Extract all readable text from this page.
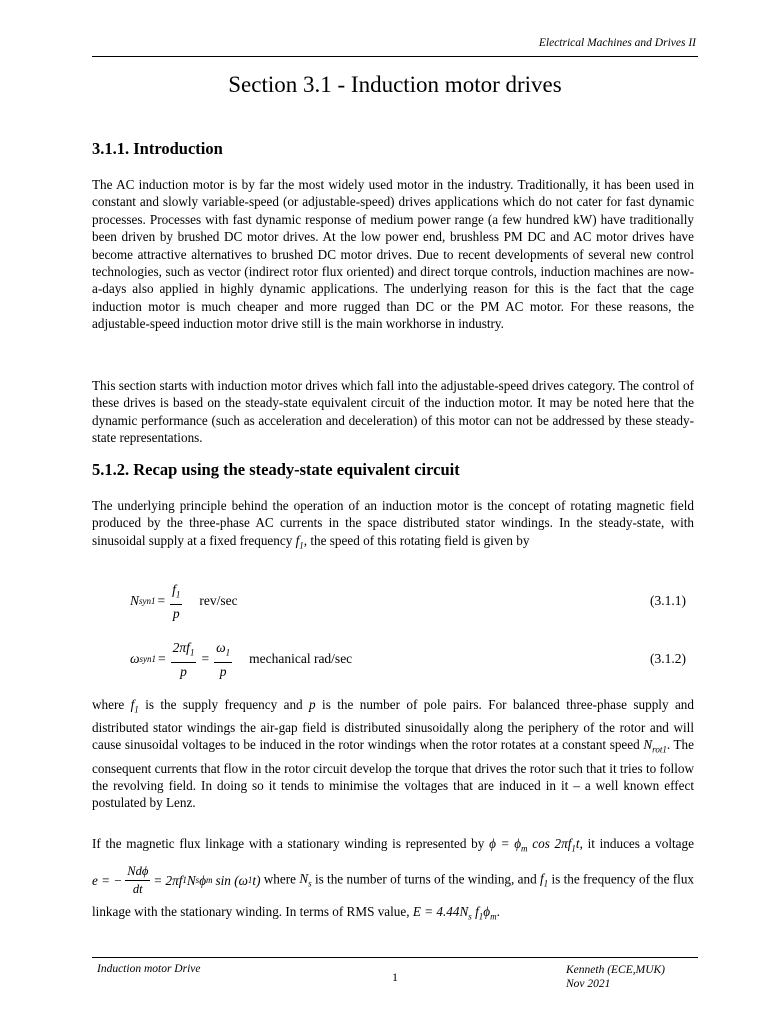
Electrical Machines and Drives II
Section 3.1 - Induction motor drives
3.1.1. Introduction
The AC induction motor is by far the most widely used motor in the industry. Traditionally, it has been used in constant and slowly variable-speed (or adjustable-speed) drives applications which do not cater for fast dynamic processes. Processes with fast dynamic response of medium power range (a few hundred kW) have traditionally been driven by brushed DC motor drives. At the low power end, brushless PM DC and AC motor drives have become attractive alternatives to brushed DC motor drives. Due to recent developments of several new control technologies, such as vector (indirect rotor flux oriented) and direct torque controls, induction machines are now-a-days also applied in highly dynamic applications. The underlying reason for this is the fact that the cage induction motor is much cheaper and more rugged than DC or the PM AC motor. For these reasons, the adjustable-speed induction motor drive still is the main workhorse in industry.
This section starts with induction motor drives which fall into the adjustable-speed drives category. The control of these drives is based on the steady-state equivalent circuit of the induction motor. It may be noted here that the dynamic performance (such as acceleration and deceleration) of this motor can not be addressed by these steady-state representations.
5.1.2. Recap using the steady-state equivalent circuit
The underlying principle behind the operation of an induction motor is the concept of rotating magnetic field produced by the three-phase AC currents in the space distributed stator windings. In the steady-state, with sinusoidal supply at a fixed frequency $f_1$, the speed of this rotating field is given by
N $syn1 = \frac{f_1}{p} rev/\sec$	(3.1.1)
ω $syn1 = \frac{2\pi f_1}{p} = \frac{\omega_1}{p}$ mechanical rad/sec	(3.1.2)
where $f_1$ is the supply frequency and p is the number of pole pairs. For balanced three-phase supply and distributed stator windings the air-gap field is distributed sinusoidally along the periphery of the rotor and will cause sinusoidal voltages to be induced in the rotor windings when the rotor rotates at a constant speed $N_{rot1}$. The consequent currents that flow in the rotor circuit develop the torque that drives the rotor such that it tries to follow the revolving field. In doing so it tends to minimise the voltages that are induced in it – a well known effect postulated by Lenz.
If the magnetic flux linkage with a stationary winding is represented by $\phi = \phi_m$ $\cos 2\pi f_1t$, it induces a voltage
e = − $\frac{\text{Ndϕ}}{dt} = 2\pi f$ 1 N s ϕ m sin (ω 1 t) where $N_s$ is the number of turns of the winding, and $f_1$ is the frequency of the flux linkage with the stationary winding. In terms of RMS value, $E = 4.44N_s$ $f_1\phi_m$.
Induction motor Drive
1	Kenneth (ECE,MUK)
Nov 2021
